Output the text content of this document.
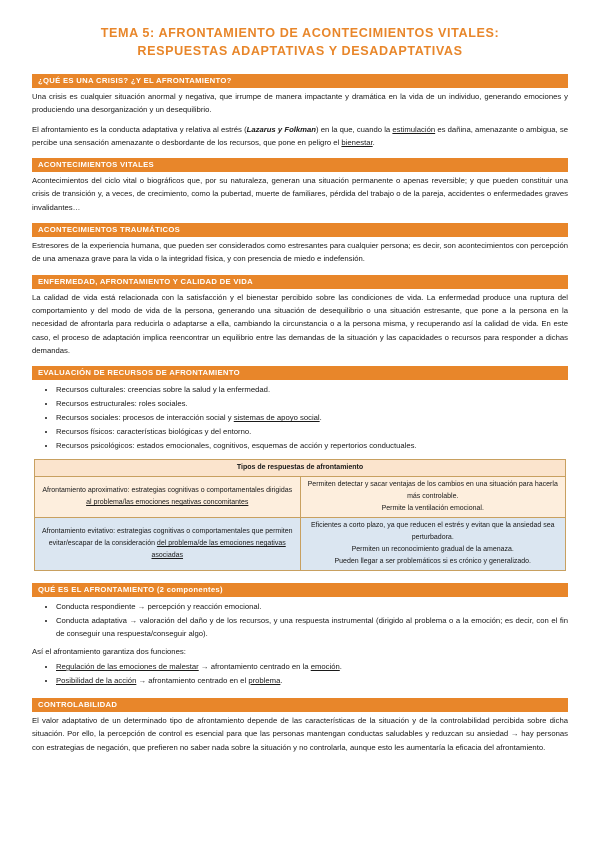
TEMA 5: AFRONTAMIENTO DE ACONTECIMIENTOS VITALES:
RESPUESTAS ADAPTATIVAS Y DESADAPTATIVAS
¿QUÉ ES UNA CRISIS? ¿Y EL AFRONTAMIENTO?

Una crisis es cualquier situación anormal y negativa, que irrumpe de manera impactante y dramática en la vida de un individuo, generando emociones y produciendo una desorganización y un desequilibrio.

El afrontamiento es la conducta adaptativa y relativa al estrés (Lazarus y Folkman) en la que, cuando la estimulación es dañina, amenazante o ambigua, se percibe una sensación amenazante o desbordante de los recursos, que pone en peligro el bienestar.

ACONTECIMIENTOS VITALES

Acontecimientos del ciclo vital o biográficos que, por su naturaleza, generan una situación permanente o apenas reversible; y que pueden constituir una crisis de transición y, a veces, de crecimiento, como la pubertad, muerte de familiares, pérdida del trabajo o de la pareja, accidentes o enfermedades graves invalidantes…

ACONTECIMIENTOS TRAUMÁTICOS

Estresores de la experiencia humana, que pueden ser considerados como estresantes para cualquier persona; es decir, son acontecimientos con percepción de una amenaza grave para la vida o la integridad física, y con presencia de miedo e indefensión.

ENFERMEDAD, AFRONTAMIENTO Y CALIDAD DE VIDA

La calidad de vida está relacionada con la satisfacción y el bienestar percibido sobre las condiciones de vida. La enfermedad produce una ruptura del comportamiento y del modo de vida de la persona, generando una situación de desequilibrio o una situación estresante, que pone a la persona en la necesidad de afrontarla para reducirla o adaptarse a ella, cambiando la circunstancia o a la persona misma, y recuperando así la calidad de vida. En este caso, el proceso de adaptación implica reencontrar un equilibrio entre las demandas de la situación y las capacidades o recursos para responder a dichas demandas.

EVALUACIÓN DE RECURSOS DE AFRONTAMIENTO
• Recursos culturales: creencias sobre la salud y la enfermedad.
• Recursos estructurales: roles sociales.
• Recursos sociales: procesos de interacción social y sistemas de apoyo social.
• Recursos físicos: características biológicas y del entorno.
• Recursos psicológicos: estados emocionales, cognitivos, esquemas de acción y repertorios conductuales.
Tipos de respuestas de afrontamiento	
Afrontamiento aproximativo: estrategias cognitivas o comportamentales dirigidas al problema/las emociones negativas concomitantes	Permiten detectar y sacar ventajas de los cambios en una situación para hacerla más controlable.
Permite la ventilación emocional.

Afrontamiento evitativo: estrategias cognitivas o comportamentales que permiten evitar/escapar de la consideración del problema/de las emociones negativas asociadas	Eficientes a corto plazo, ya que reducen el estrés y evitan que la ansiedad sea perturbadora.
Permiten un reconocimiento gradual de la amenaza.
Pueden llegar a ser problemáticos si es crónico y generalizado.
QUÉ ES EL AFRONTAMIENTO (2 componentes)
• Conducta respondiente → percepción y reacción emocional.
• Conducta adaptativa → valoración del daño y de los recursos, y una respuesta instrumental (dirigido al problema o a la emoción; es decir, con el fin de conseguir una respuesta/conseguir algo).
Así el afrontamiento garantiza dos funciones:
• Regulación de las emociones de malestar → afrontamiento centrado en la emoción.
• Posibilidad de la acción → afrontamiento centrado en el problema.
CONTROLABILIDAD

El valor adaptativo de un determinado tipo de afrontamiento depende de las características de la situación y de la controlabilidad percibida sobre dicha situación. Por ello, la percepción de control es esencial para que las personas mantengan conductas saludables y reduzcan su ansiedad → hay personas con estrategias de negación, que prefieren no saber nada sobre la situación y no controlarla, aunque esto les aumentaría la eficacia del afrontamiento.
